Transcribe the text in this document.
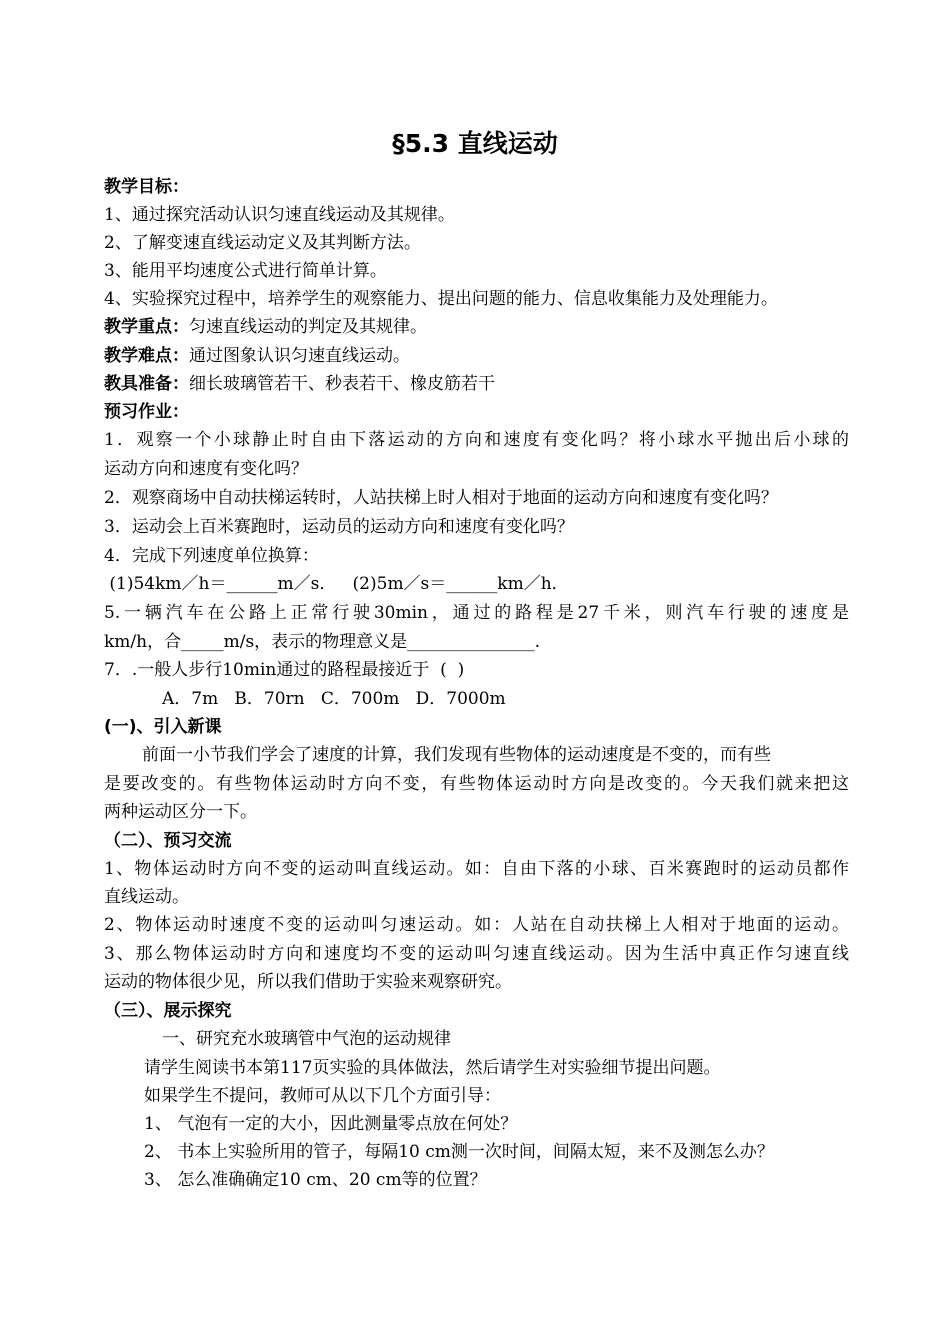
§5.3 直线运动
教学目标：
1、通过探究活动认识匀速直线运动及其规律。
2、了解变速直线运动定义及其判断方法。
3、能用平均速度公式进行简单计算。
4、实验探究过程中，培养学生的观察能力、提出问题的能力、信息收集能力及处理能力。
教学重点：匀速直线运动的判定及其规律。
教学难点：通过图象认识匀速直线运动。
教具准备：细长玻璃管若干、秒表若干、橡皮筋若干
预习作业：
1．观察一个小球静止时自由下落运动的方向和速度有变化吗？将小球水平抛出后小球的
运动方向和速度有变化吗？
2．观察商场中自动扶梯运转时，人站扶梯上时人相对于地面的运动方向和速度有变化吗？
3．运动会上百米赛跑时，运动员的运动方向和速度有变化吗？
4．完成下列速度单位换算：
(1)54km／h＝______m／s．   (2)5m／s＝______km／h．
5.一辆汽车在公路上正常行驶30min，通过的路程是27千米，则汽车行驶的速度是
km/h，合_____m/s，表示的物理意义是_______________.
7．.一般人步行10min通过的路程最接近于  (  )
A．7m   B．70rn   C．700m   D．7000m
(一)、引入新课
前面一小节我们学会了速度的计算，我们发现有些物体的运动速度是不变的，而有些
是要改变的。有些物体运动时方向不变，有些物体运动时方向是改变的。今天我们就来把这
两种运动区分一下。
（二）、预习交流
1、物体运动时方向不变的运动叫直线运动。如：自由下落的小球、百米赛跑时的运动员都作
直线运动。
2、物体运动时速度不变的运动叫匀速运动。如：人站在自动扶梯上人相对于地面的运动。
3、那么物体运动时方向和速度均不变的运动叫匀速直线运动。因为生活中真正作匀速直线
运动的物体很少见，所以我们借助于实验来观察研究。
（三）、展示探究
一、研究充水玻璃管中气泡的运动规律
请学生阅读书本第117页实验的具体做法，然后请学生对实验细节提出问题。
如果学生不提问，教师可从以下几个方面引导：
1、 气泡有一定的大小，因此测量零点放在何处？
2、 书本上实验所用的管子，每隔10 cm测一次时间，间隔太短，来不及测怎么办？
3、 怎么准确确定10 cm、20 cm等的位置？
